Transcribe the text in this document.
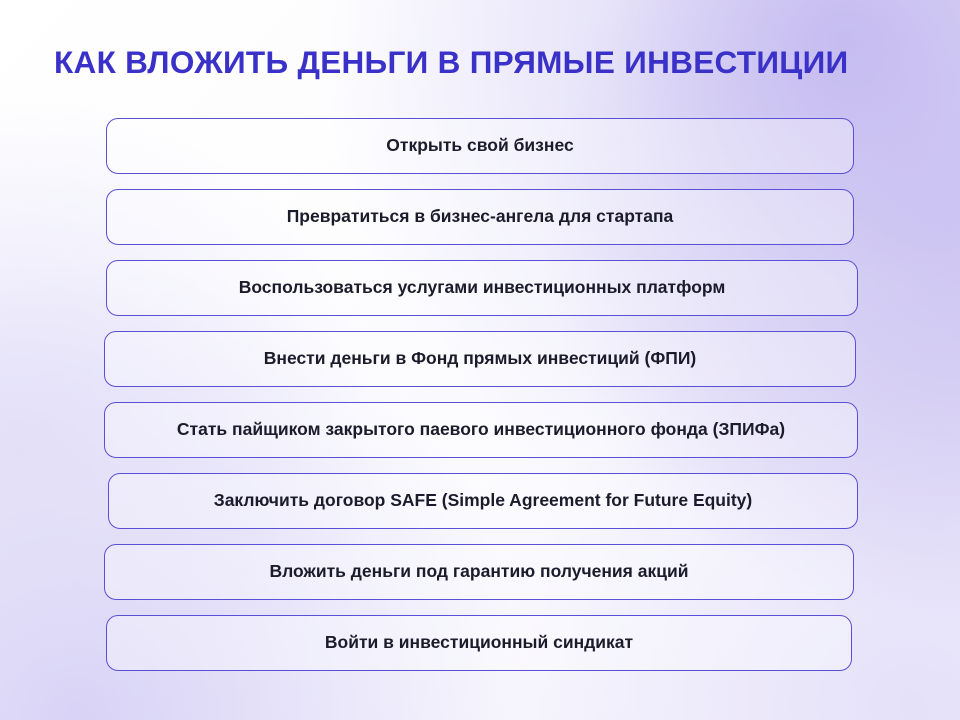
КАК ВЛОЖИТЬ ДЕНЬГИ В ПРЯМЫЕ ИНВЕСТИЦИИ
Открыть свой бизнес
Превратиться в бизнес-ангела для стартапа
Воспользоваться услугами инвестиционных платформ
Внести деньги в Фонд прямых инвестиций (ФПИ)
Стать пайщиком закрытого паевого инвестиционного фонда (ЗПИФа)
Заключить договор SAFE (Simple Agreement for Future Equity)
Вложить деньги под гарантию получения акций
Войти в инвестиционный синдикат
